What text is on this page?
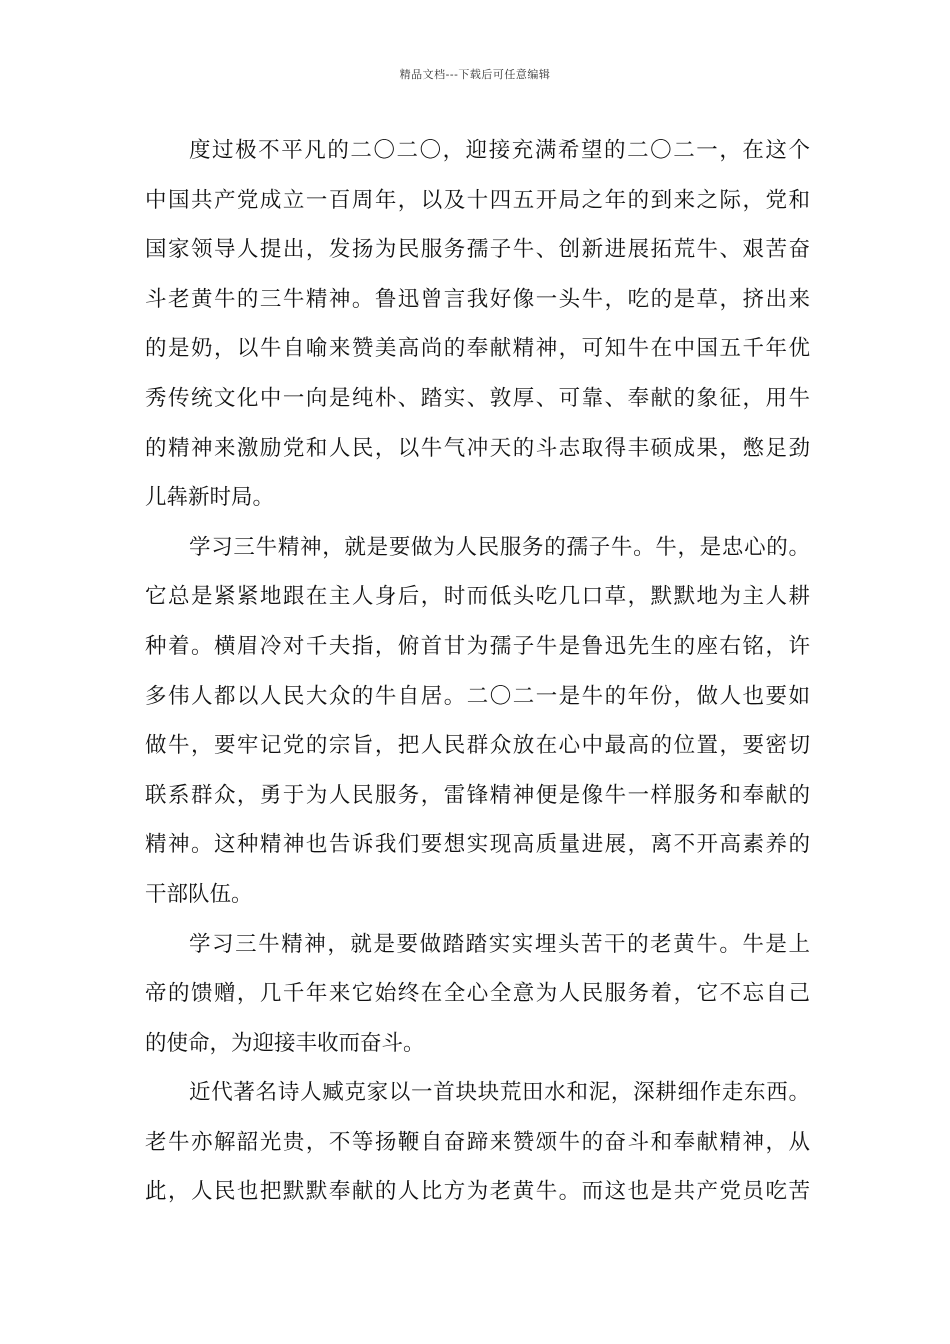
精品文档---下载后可任意编辑
度过极不平凡的二〇二〇，迎接充满希望的二〇二一，在这个
中国共产党成立一百周年，以及十四五开局之年的到来之际，党和
国家领导人提出，发扬为民服务孺子牛、创新进展拓荒牛、艰苦奋
斗老黄牛的三牛精神。鲁迅曾言我好像一头牛，吃的是草，挤出来
的是奶，以牛自喻来赞美高尚的奉献精神，可知牛在中国五千年优
秀传统文化中一向是纯朴、踏实、敦厚、可靠、奉献的象征，用牛
的精神来激励党和人民，以牛气冲天的斗志取得丰硕成果，憋足劲
儿犇新时局。
学习三牛精神，就是要做为人民服务的孺子牛。牛，是忠心的。
它总是紧紧地跟在主人身后，时而低头吃几口草，默默地为主人耕
种着。横眉冷对千夫指，俯首甘为孺子牛是鲁迅先生的座右铭，许
多伟人都以人民大众的牛自居。二〇二一是牛的年份，做人也要如
做牛，要牢记党的宗旨，把人民群众放在心中最高的位置，要密切
联系群众，勇于为人民服务，雷锋精神便是像牛一样服务和奉献的
精神。这种精神也告诉我们要想实现高质量进展，离不开高素养的
干部队伍。
学习三牛精神，就是要做踏踏实实埋头苦干的老黄牛。牛是上
帝的馈赠，几千年来它始终在全心全意为人民服务着，它不忘自己
的使命，为迎接丰收而奋斗。
近代著名诗人臧克家以一首块块荒田水和泥，深耕细作走东西。
老牛亦解韶光贵，不等扬鞭自奋蹄来赞颂牛的奋斗和奉献精神，从
此，人民也把默默奉献的人比方为老黄牛。而这也是共产党员吃苦
